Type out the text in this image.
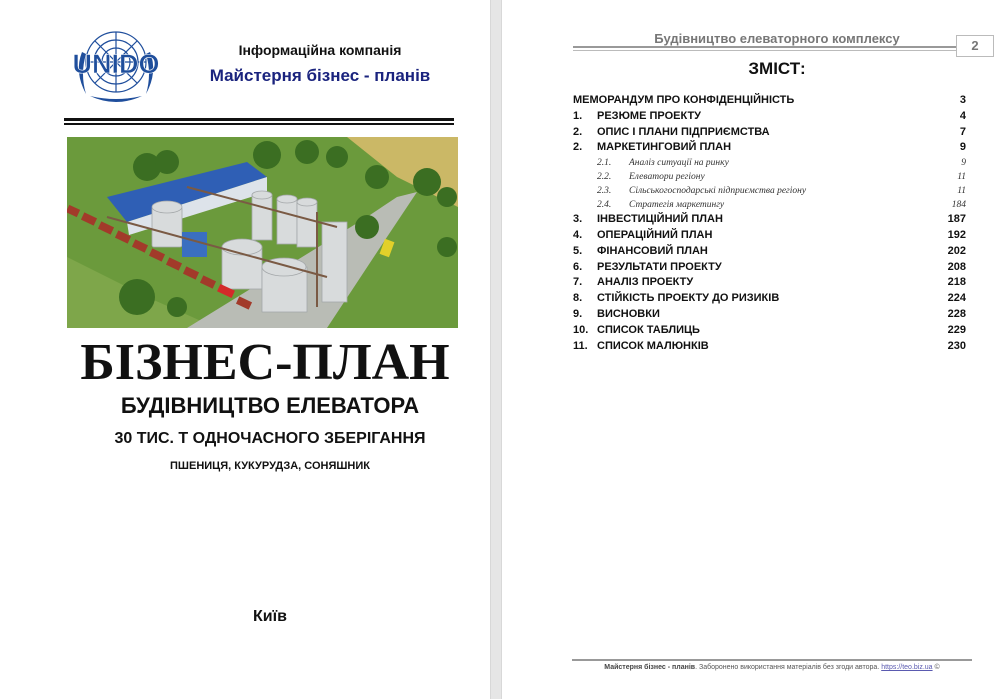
UNIDO	Інформаційна компанія
Майстерня бізнес - планів
БІЗНЕС-ПЛАН
БУДІВНИЦТВО ЕЛЕВАТОРА
30 ТИС. Т ОДНОЧАСНОГО ЗБЕРІГАННЯ
ПШЕНИЦЯ, КУКУРУДЗА, СОНЯШНИК
Київ
Будівництво елеваторного комплексу	2
ЗМІСТ:
МЕМОРАНДУМ ПРО КОНФІДЕНЦІЙНІСТЬ	3
1. РЕЗЮМЕ ПРОЕКТУ	4
2. ОПИС І ПЛАНИ ПІДПРИЄМСТВА	7
2. МАРКЕТИНГОВИЙ ПЛАН	9
2.1. Аналіз ситуації на ринку	9
2.2. Елеватори регіону	11
2.3. Сільськогосподарські підприємства регіону	11
2.4. Стратегія маркетингу	184
3. ІНВЕСТИЦІЙНИЙ ПЛАН	187
4. ОПЕРАЦІЙНИЙ ПЛАН	192
5. ФІНАНСОВИЙ ПЛАН	202
6. РЕЗУЛЬТАТИ ПРОЕКТУ	208
7. АНАЛІЗ ПРОЕКТУ	218
8. СТІЙКІСТЬ ПРОЕКТУ ДО РИЗИКІВ	224
9. ВИСНОВКИ	228
10. СПИСОК ТАБЛИЦЬ	229
11. СПИСОК МАЛЮНКІВ	230
Майстерня бізнес - планів. Заборонено використання матеріалів без згоди автора. https://teo.biz.ua ©
